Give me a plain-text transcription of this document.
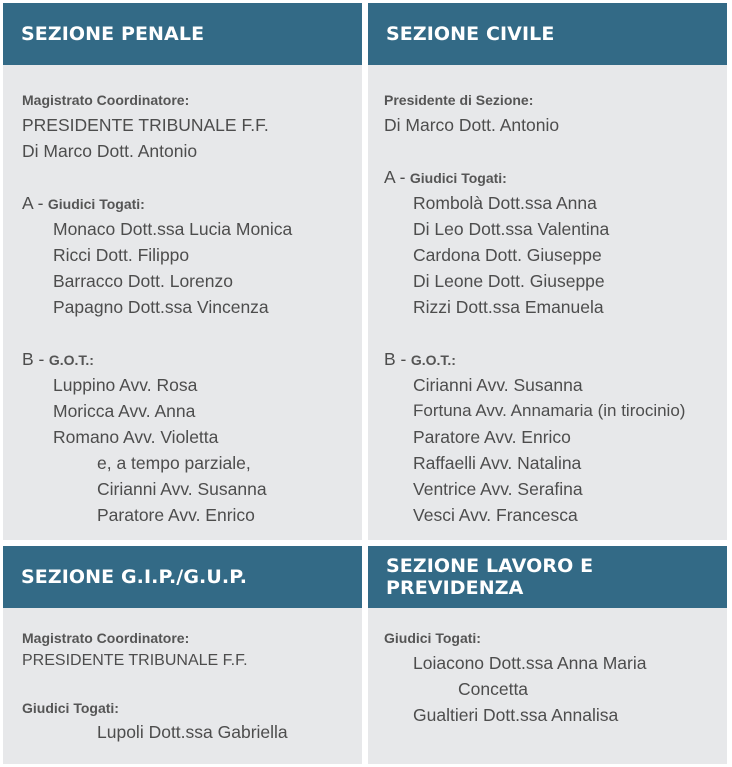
SEZIONE PENALE
Magistrato Coordinatore:
PRESIDENTE TRIBUNALE F.F.
Di Marco Dott. Antonio
A - Giudici Togati:
Monaco Dott.ssa Lucia Monica
Ricci Dott. Filippo
Barracco Dott. Lorenzo
Papagno Dott.ssa Vincenza
B - G.O.T.:
Luppino Avv. Rosa
Moricca Avv. Anna
Romano Avv. Violetta
e, a tempo parziale,
Cirianni Avv. Susanna
Paratore Avv. Enrico
SEZIONE CIVILE
Presidente di Sezione:
Di Marco Dott. Antonio
A - Giudici Togati:
Rombolà Dott.ssa Anna
Di Leo Dott.ssa Valentina
Cardona Dott. Giuseppe
Di Leone Dott. Giuseppe
Rizzi Dott.ssa Emanuela
B - G.O.T.:
Cirianni Avv. Susanna
Fortuna Avv. Annamaria (in tirocinio)
Paratore Avv. Enrico
Raffaelli Avv. Natalina
Ventrice Avv. Serafina
Vesci Avv. Francesca
SEZIONE G.I.P./G.U.P.
Magistrato Coordinatore:
PRESIDENTE TRIBUNALE F.F.
Giudici Togati:
Lupoli Dott.ssa Gabriella
SEZIONE LAVORO E PREVIDENZA
Giudici Togati:
Loiacono Dott.ssa Anna Maria
Concetta
Gualtieri Dott.ssa Annalisa
